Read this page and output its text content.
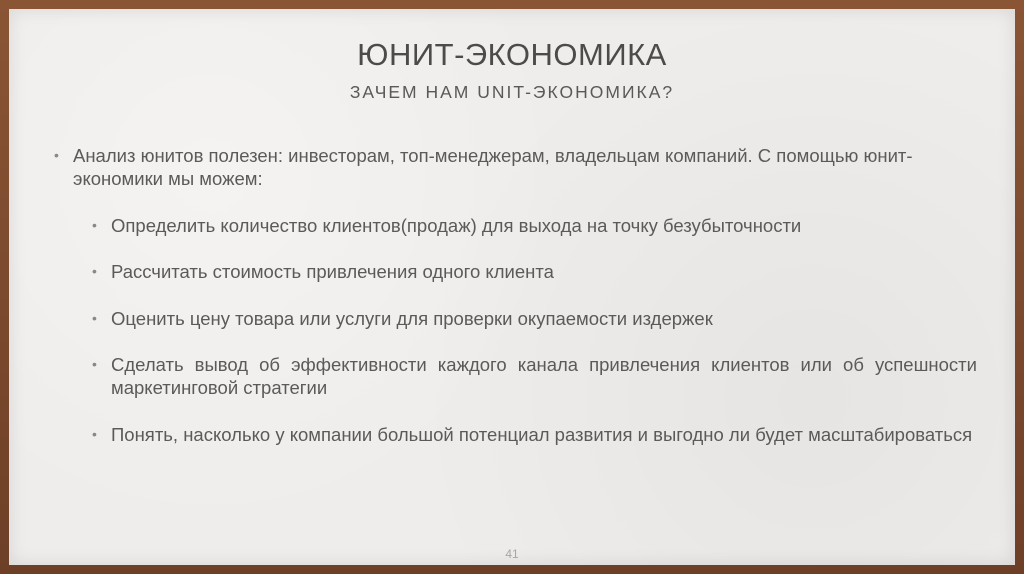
ЮНИТ-ЭКОНОМИКА

ЗАЧЕМ НАМ UNIT-ЭКОНОМИКА?

• Анализ юнитов полезен: инвесторам, топ-менеджерам, владельцам компаний. С помощью юнит-экономики мы можем:
• Определить количество клиентов(продаж) для выхода на точку безубыточности
• Рассчитать стоимость привлечения одного клиента
• Оценить цену товара или услуги для проверки окупаемости издержек
• Сделать вывод об эффективности каждого канала привлечения клиентов или об успешности маркетинговой стратегии
• Понять, насколько у компании большой потенциал развития и выгодно ли будет масштабироваться
41
